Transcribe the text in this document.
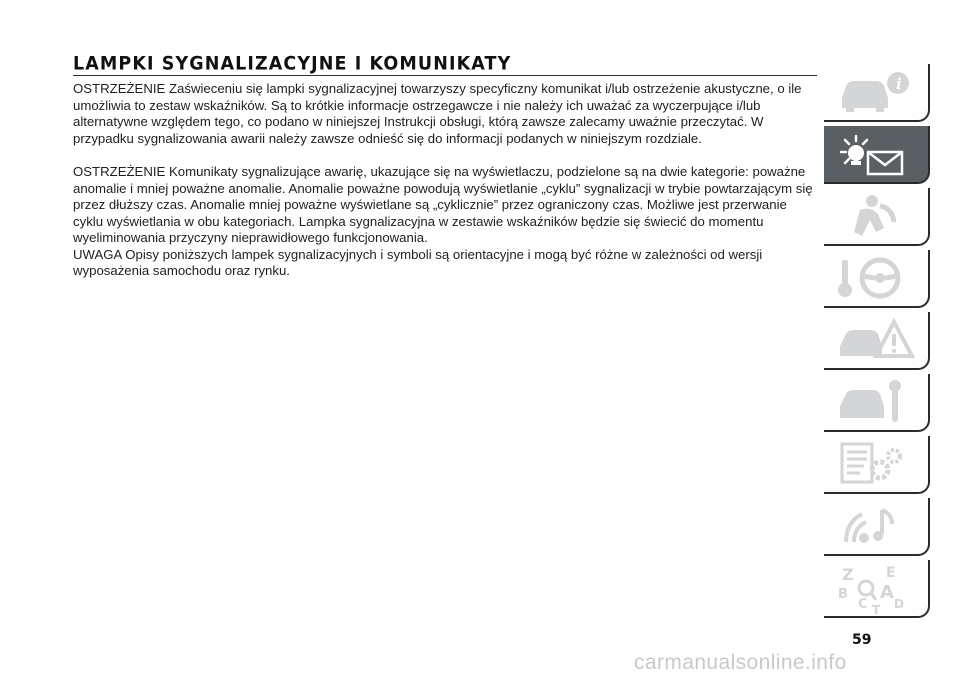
LAMPKI SYGNALIZACYJNE I KOMUNIKATY

OSTRZEŻENIE Zaświeceniu się lampki sygnalizacyjnej towarzyszy specyficzny komunikat i/lub ostrzeżenie akustyczne, o ile umożliwia to zestaw wskaźników. Są to krótkie informacje ostrzegawcze i nie należy ich uważać za wyczerpujące i/lub alternatywne względem tego, co podano w niniejszej Instrukcji obsługi, którą zawsze zalecamy uważnie przeczytać. W przypadku sygnalizowania awarii należy zawsze odnieść się do informacji podanych w niniejszym rozdziale.

OSTRZEŻENIE Komunikaty sygnalizujące awarię, ukazujące się na wyświetlaczu, podzielone są na dwie kategorie: poważne anomalie i mniej poważne anomalie. Anomalie poważne powodują wyświetlanie „cyklu” sygnalizacji w trybie powtarzającym się przez dłuższy czas. Anomalie mniej poważne wyświetlane są „cyklicznie” przez ograniczony czas. Możliwe jest przerwanie cyklu wyświetlania w obu kategoriach. Lampka sygnalizacyjna w zestawie wskaźników będzie się świecić do momentu wyeliminowania przyczyny nieprawidłowego funkcjonowania.

UWAGA Opisy poniższych lampek sygnalizacyjnych i symboli są orientacyjne i mogą być różne w zależności od wersji wyposażenia samochodu oraz rynku.

i
Z E
B A
C D
T
59
carmanualsonline.info
